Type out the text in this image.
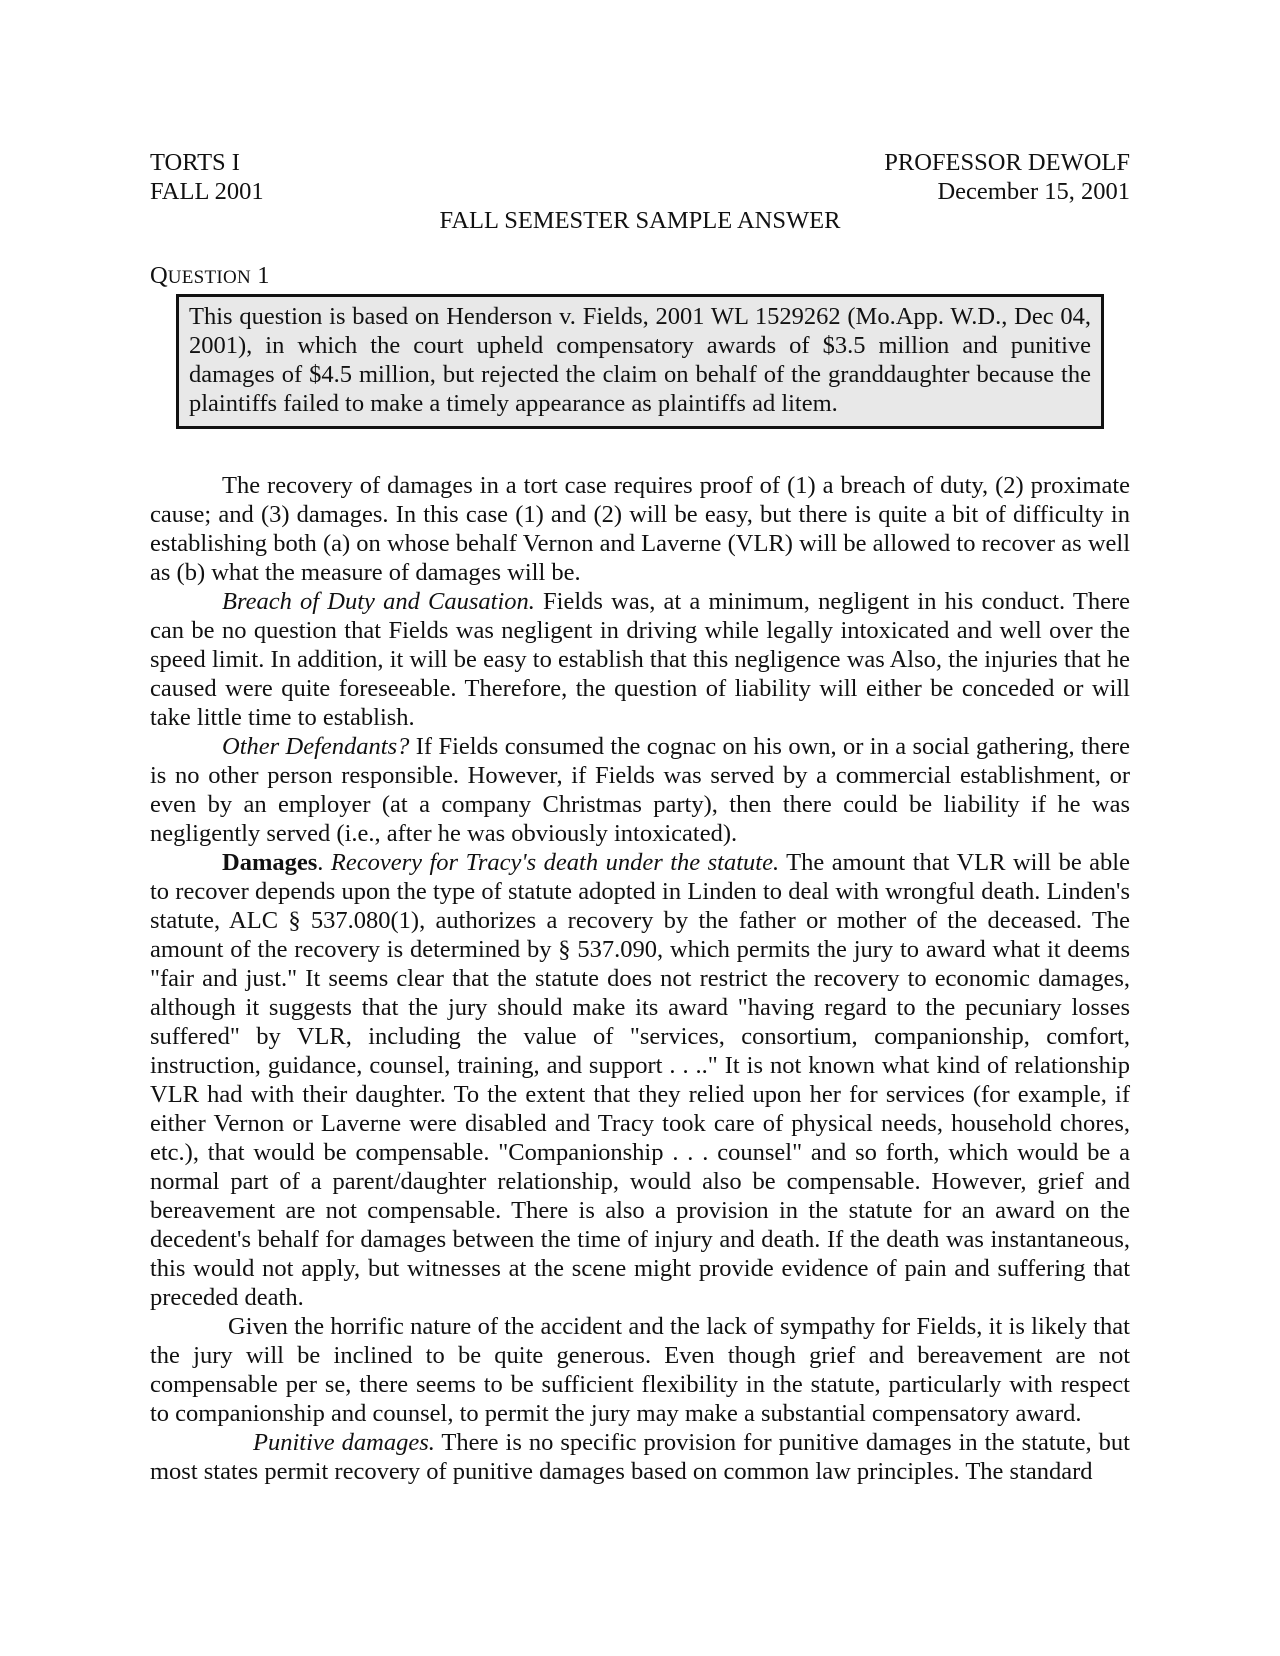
TORTS I	PROFESSOR DEWOLF
FALL 2001	December 15, 2001
FALL SEMESTER SAMPLE ANSWER
QUESTION 1
This question is based on Henderson v. Fields, 2001 WL 1529262 (Mo.App. W.D., Dec 04, 2001), in which the court upheld compensatory awards of $3.5 million and punitive damages of $4.5 million, but rejected the claim on behalf of the granddaughter because the plaintiffs failed to make a timely appearance as plaintiffs ad litem.

The recovery of damages in a tort case requires proof of (1) a breach of duty, (2) proximate cause; and (3) damages. In this case (1) and (2) will be easy, but there is quite a bit of difficulty in establishing both (a) on whose behalf Vernon and Laverne (VLR) will be allowed to recover as well as (b) what the measure of damages will be.

Breach of Duty and Causation. Fields was, at a minimum, negligent in his conduct. There can be no question that Fields was negligent in driving while legally intoxicated and well over the speed limit. In addition, it will be easy to establish that this negligence was Also, the injuries that he caused were quite foreseeable. Therefore, the question of liability will either be conceded or will take little time to establish.

Other Defendants? If Fields consumed the cognac on his own, or in a social gathering, there is no other person responsible. However, if Fields was served by a commercial establishment, or even by an employer (at a company Christmas party), then there could be liability if he was negligently served (i.e., after he was obviously intoxicated).

Damages. Recovery for Tracy's death under the statute. The amount that VLR will be able to recover depends upon the type of statute adopted in Linden to deal with wrongful death. Linden's statute, ALC § 537.080(1), authorizes a recovery by the father or mother of the deceased. The amount of the recovery is determined by § 537.090, which permits the jury to award what it deems "fair and just." It seems clear that the statute does not restrict the recovery to economic damages, although it suggests that the jury should make its award "having regard to the pecuniary losses suffered" by VLR, including the value of "services, consortium, companionship, comfort, instruction, guidance, counsel, training, and support . . .." It is not known what kind of relationship VLR had with their daughter. To the extent that they relied upon her for services (for example, if either Vernon or Laverne were disabled and Tracy took care of physical needs, household chores, etc.), that would be compensable. "Companionship . . . counsel" and so forth, which would be a normal part of a parent/daughter relationship, would also be compensable. However, grief and bereavement are not compensable. There is also a provision in the statute for an award on the decedent's behalf for damages between the time of injury and death. If the death was instantaneous, this would not apply, but witnesses at the scene might provide evidence of pain and suffering that preceded death.

Given the horrific nature of the accident and the lack of sympathy for Fields, it is likely that the jury will be inclined to be quite generous. Even though grief and bereavement are not compensable per se, there seems to be sufficient flexibility in the statute, particularly with respect to companionship and counsel, to permit the jury may make a substantial compensatory award.

Punitive damages. There is no specific provision for punitive damages in the statute, but most states permit recovery of punitive damages based on common law principles. The standard
